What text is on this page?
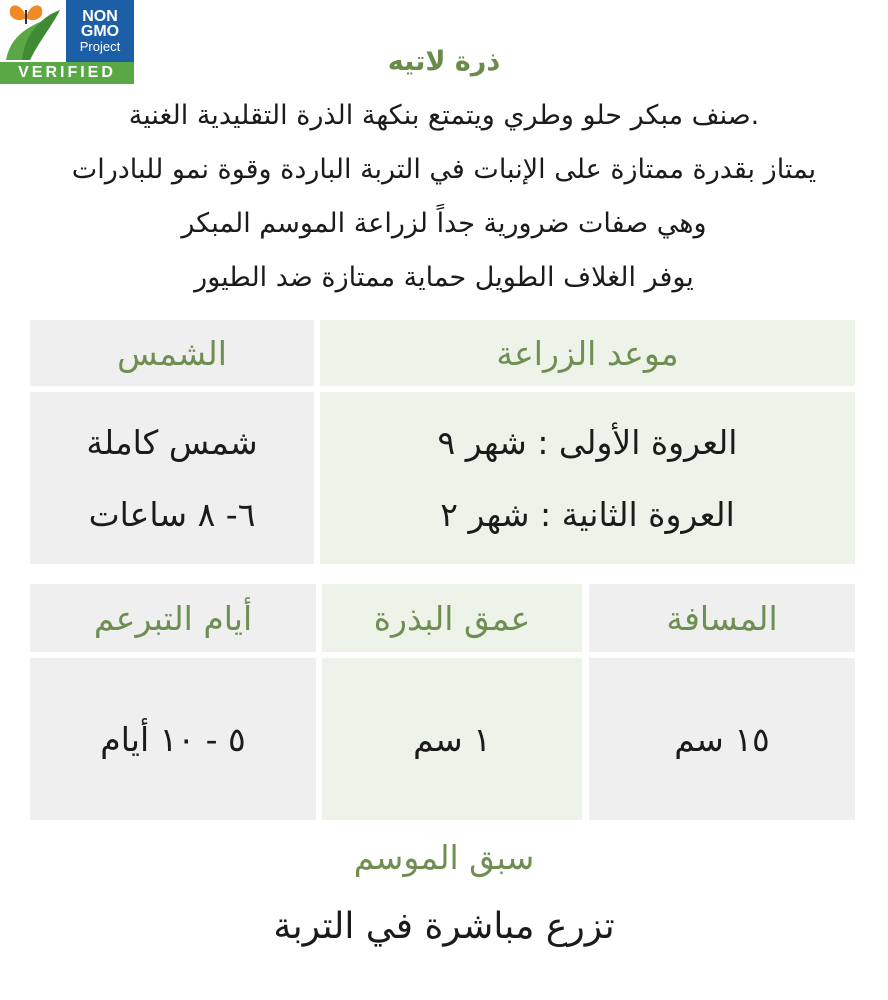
NON
GMO
Project
VERIFIED	ذرة لاتيه
.صنف مبكر حلو وطري ويتمتع بنكهة الذرة التقليدية الغنية
يمتاز بقدرة ممتازة على الإنبات في التربة الباردة وقوة نمو للبادرات
وهي صفات ضرورية جداً لزراعة الموسم المبكر
يوفر الغلاف الطويل حماية ممتازة ضد الطيور
موعد الزراعة
الشمس
العروة الأولى : شهر ٩
العروة الثانية : شهر ٢
شمس كاملة
٦- ٨ ساعات
المسافة
عمق البذرة
أيام التبرعم
١٥ سم
١ سم
٥ - ١٠ أيام
سبق الموسم
تزرع مباشرة في التربة
